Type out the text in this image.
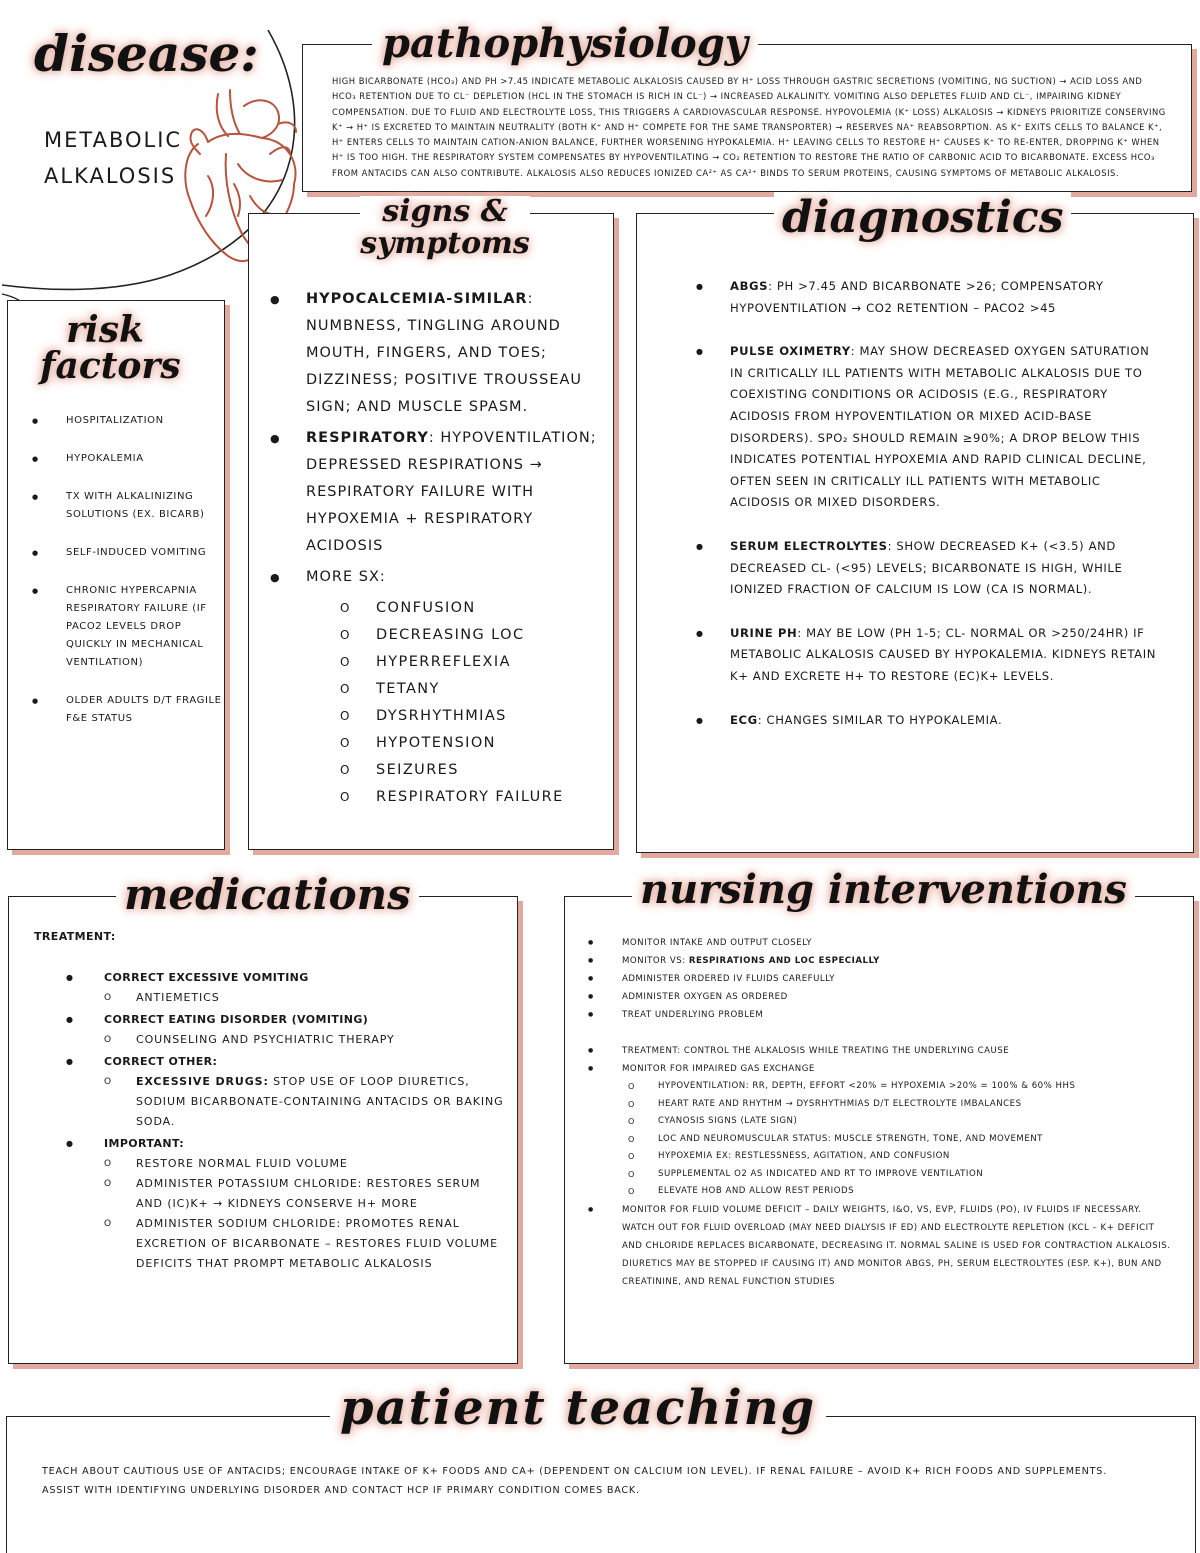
disease:
METABOLIC
ALKALOSIS
pathophysiology
HIGH BICARBONATE (HCO₃) AND PH >7.45 INDICATE METABOLIC ALKALOSIS CAUSED BY H⁺ LOSS THROUGH GASTRIC SECRETIONS (VOMITING, NG SUCTION) → ACID LOSS AND HCO₃ RETENTION DUE TO CL⁻ DEPLETION (HCL IN THE STOMACH IS RICH IN CL⁻) → INCREASED ALKALINITY. VOMITING ALSO DEPLETES FLUID AND CL⁻, IMPAIRING KIDNEY COMPENSATION. DUE TO FLUID AND ELECTROLYTE LOSS, THIS TRIGGERS A CARDIOVASCULAR RESPONSE. HYPOVOLEMIA (K⁺ LOSS) ALKALOSIS → KIDNEYS PRIORITIZE CONSERVING K⁺ → H⁺ IS EXCRETED TO MAINTAIN NEUTRALITY (BOTH K⁺ AND H⁺ COMPETE FOR THE SAME TRANSPORTER) → RESERVES NA⁺ REABSORPTION. AS K⁺ EXITS CELLS TO BALANCE K⁺, H⁺ ENTERS CELLS TO MAINTAIN CATION-ANION BALANCE, FURTHER WORSENING HYPOKALEMIA. H⁺ LEAVING CELLS TO RESTORE H⁺ CAUSES K⁺ TO RE-ENTER, DROPPING K⁺ WHEN H⁺ IS TOO HIGH. THE RESPIRATORY SYSTEM COMPENSATES BY HYPOVENTILATING → CO₂ RETENTION TO RESTORE THE RATIO OF CARBONIC ACID TO BICARBONATE. EXCESS HCO₃ FROM ANTACIDS CAN ALSO CONTRIBUTE. ALKALOSIS ALSO REDUCES IONIZED CA²⁺ AS CA²⁺ BINDS TO SERUM PROTEINS, CAUSING SYMPTOMS OF METABOLIC ALKALOSIS.
risk
factors
● HOSPITALIZATION
● HYPOKALEMIA
● TX WITH ALKALINIZING SOLUTIONS (EX. BICARB)
● SELF-INDUCED VOMITING
● CHRONIC HYPERCAPNIA RESPIRATORY FAILURE (IF PACO2 LEVELS DROP QUICKLY IN MECHANICAL VENTILATION)
● OLDER ADULTS D/T FRAGILE F&E STATUS
signs &
symptoms
● HYPOCALCEMIA-SIMILAR: NUMBNESS, TINGLING AROUND MOUTH, FINGERS, AND TOES; DIZZINESS; POSITIVE TROUSSEAU SIGN; AND MUSCLE SPASM.
● RESPIRATORY: HYPOVENTILATION; DEPRESSED RESPIRATIONS → RESPIRATORY FAILURE WITH HYPOXEMIA + RESPIRATORY ACIDOSIS
● MORE SX:
O CONFUSION
O DECREASING LOC
O HYPERREFLEXIA
O TETANY
O DYSRHYTHMIAS
O HYPOTENSION
O SEIZURES
O RESPIRATORY FAILURE
diagnostics
● ABGS: PH >7.45 AND BICARBONATE >26; COMPENSATORY HYPOVENTILATION → CO2 RETENTION – PACO2 >45
● PULSE OXIMETRY: MAY SHOW DECREASED OXYGEN SATURATION IN CRITICALLY ILL PATIENTS WITH METABOLIC ALKALOSIS DUE TO COEXISTING CONDITIONS OR ACIDOSIS (E.G., RESPIRATORY ACIDOSIS FROM HYPOVENTILATION OR MIXED ACID-BASE DISORDERS). SPO₂ SHOULD REMAIN ≥90%; A DROP BELOW THIS INDICATES POTENTIAL HYPOXEMIA AND RAPID CLINICAL DECLINE, OFTEN SEEN IN CRITICALLY ILL PATIENTS WITH METABOLIC ACIDOSIS OR MIXED DISORDERS.
● SERUM ELECTROLYTES: SHOW DECREASED K+ (<3.5) AND DECREASED CL- (<95) LEVELS; BICARBONATE IS HIGH, WHILE IONIZED FRACTION OF CALCIUM IS LOW (CA IS NORMAL).
● URINE PH: MAY BE LOW (PH 1-5; CL- NORMAL OR >250/24HR) IF METABOLIC ALKALOSIS CAUSED BY HYPOKALEMIA. KIDNEYS RETAIN K+ AND EXCRETE H+ TO RESTORE (EC)K+ LEVELS.
● ECG: CHANGES SIMILAR TO HYPOKALEMIA.
medications
TREATMENT:
● CORRECT EXCESSIVE VOMITING
O ANTIEMETICS
● CORRECT EATING DISORDER (VOMITING)
O COUNSELING AND PSYCHIATRIC THERAPY
● CORRECT OTHER:
O EXCESSIVE DRUGS: STOP USE OF LOOP DIURETICS, SODIUM BICARBONATE-CONTAINING ANTACIDS OR BAKING SODA.
● IMPORTANT:
O RESTORE NORMAL FLUID VOLUME
O ADMINISTER POTASSIUM CHLORIDE: RESTORES SERUM AND (IC)K+ → KIDNEYS CONSERVE H+ MORE
O ADMINISTER SODIUM CHLORIDE: PROMOTES RENAL EXCRETION OF BICARBONATE – RESTORES FLUID VOLUME DEFICITS THAT PROMPT METABOLIC ALKALOSIS
nursing interventions
● MONITOR INTAKE AND OUTPUT CLOSELY
● MONITOR VS: RESPIRATIONS AND LOC ESPECIALLY
● ADMINISTER ORDERED IV FLUIDS CAREFULLY
● ADMINISTER OXYGEN AS ORDERED
● TREAT UNDERLYING PROBLEM
● TREATMENT: CONTROL THE ALKALOSIS WHILE TREATING THE UNDERLYING CAUSE
● MONITOR FOR IMPAIRED GAS EXCHANGE
O HYPOVENTILATION: RR, DEPTH, EFFORT <20% = HYPOXEMIA >20% = 100% & 60% HHS
O HEART RATE AND RHYTHM → DYSRHYTHMIAS D/T ELECTROLYTE IMBALANCES
O CYANOSIS SIGNS (LATE SIGN)
O LOC AND NEUROMUSCULAR STATUS: MUSCLE STRENGTH, TONE, AND MOVEMENT
O HYPOXEMIA EX: RESTLESSNESS, AGITATION, AND CONFUSION
O SUPPLEMENTAL O2 AS INDICATED AND RT TO IMPROVE VENTILATION
O ELEVATE HOB AND ALLOW REST PERIODS
● MONITOR FOR FLUID VOLUME DEFICIT – DAILY WEIGHTS, I&O, VS, EVP, FLUIDS (PO), IV FLUIDS IF NECESSARY. WATCH OUT FOR FLUID OVERLOAD (MAY NEED DIALYSIS IF ED) AND ELECTROLYTE REPLETION (KCL – K+ DEFICIT AND CHLORIDE REPLACES BICARBONATE, DECREASING IT. NORMAL SALINE IS USED FOR CONTRACTION ALKALOSIS. DIURETICS MAY BE STOPPED IF CAUSING IT) AND MONITOR ABGS, PH, SERUM ELECTROLYTES (ESP. K+), BUN AND CREATININE, AND RENAL FUNCTION STUDIES
patient teaching
TEACH ABOUT CAUTIOUS USE OF ANTACIDS; ENCOURAGE INTAKE OF K+ FOODS AND CA+ (DEPENDENT ON CALCIUM ION LEVEL). IF RENAL FAILURE – AVOID K+ RICH FOODS AND SUPPLEMENTS.
ASSIST WITH IDENTIFYING UNDERLYING DISORDER AND CONTACT HCP IF PRIMARY CONDITION COMES BACK.
